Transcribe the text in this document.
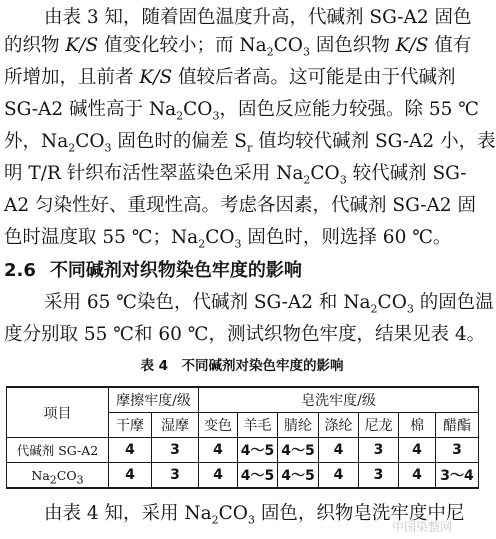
由表 3 知，随着固色温度升高，代碱剂 SG-A2 固色
的织物 K/S 值变化较小；而 $Na_2CO_3$ 固色织物 K/S 值有
所增加，且前者 K/S 值较后者高。这可能是由于代碱剂
SG-A2 碱性高于 $Na_2CO_3$，固色反应能力较强。除 55 ℃
外，$Na_2CO_3$ 固色时的偏差 $S_r$ 值均较代碱剂 SG-A2 小，表
明 T/R 针织布活性翠蓝染色采用 $Na_2CO_3$ 较代碱剂 SG-
A2 匀染性好、重现性高。考虑各因素，代碱剂 SG-A2 固
色时温度取 55 ℃；$Na_2CO_3$ 固色时，则选择 60 ℃。
2.6 不同碱剂对织物染色牢度的影响
采用 65 ℃染色，代碱剂 SG-A2 和 $Na_2CO_3$ 的固色温
度分别取 55 ℃和 60 ℃，测试织物色牢度，结果见表 4。
表 4　不同碱剂对染色牢度的影响
项目	摩擦牢度/级		皂洗牢度/级						
	干摩	湿摩	变色	羊毛	腈纶	涤纶	尼龙	棉	醋酯
代碱剂 SG-A2	4	3	4	4～5	4～5	4	3	4	3
$Na_2CO_3$	4	3	4	4～5	4～5	4	3	4	3～4
由表 4 知，采用 $Na_2CO_3$ 固色，织物皂洗牢度中尼
中国染整网
